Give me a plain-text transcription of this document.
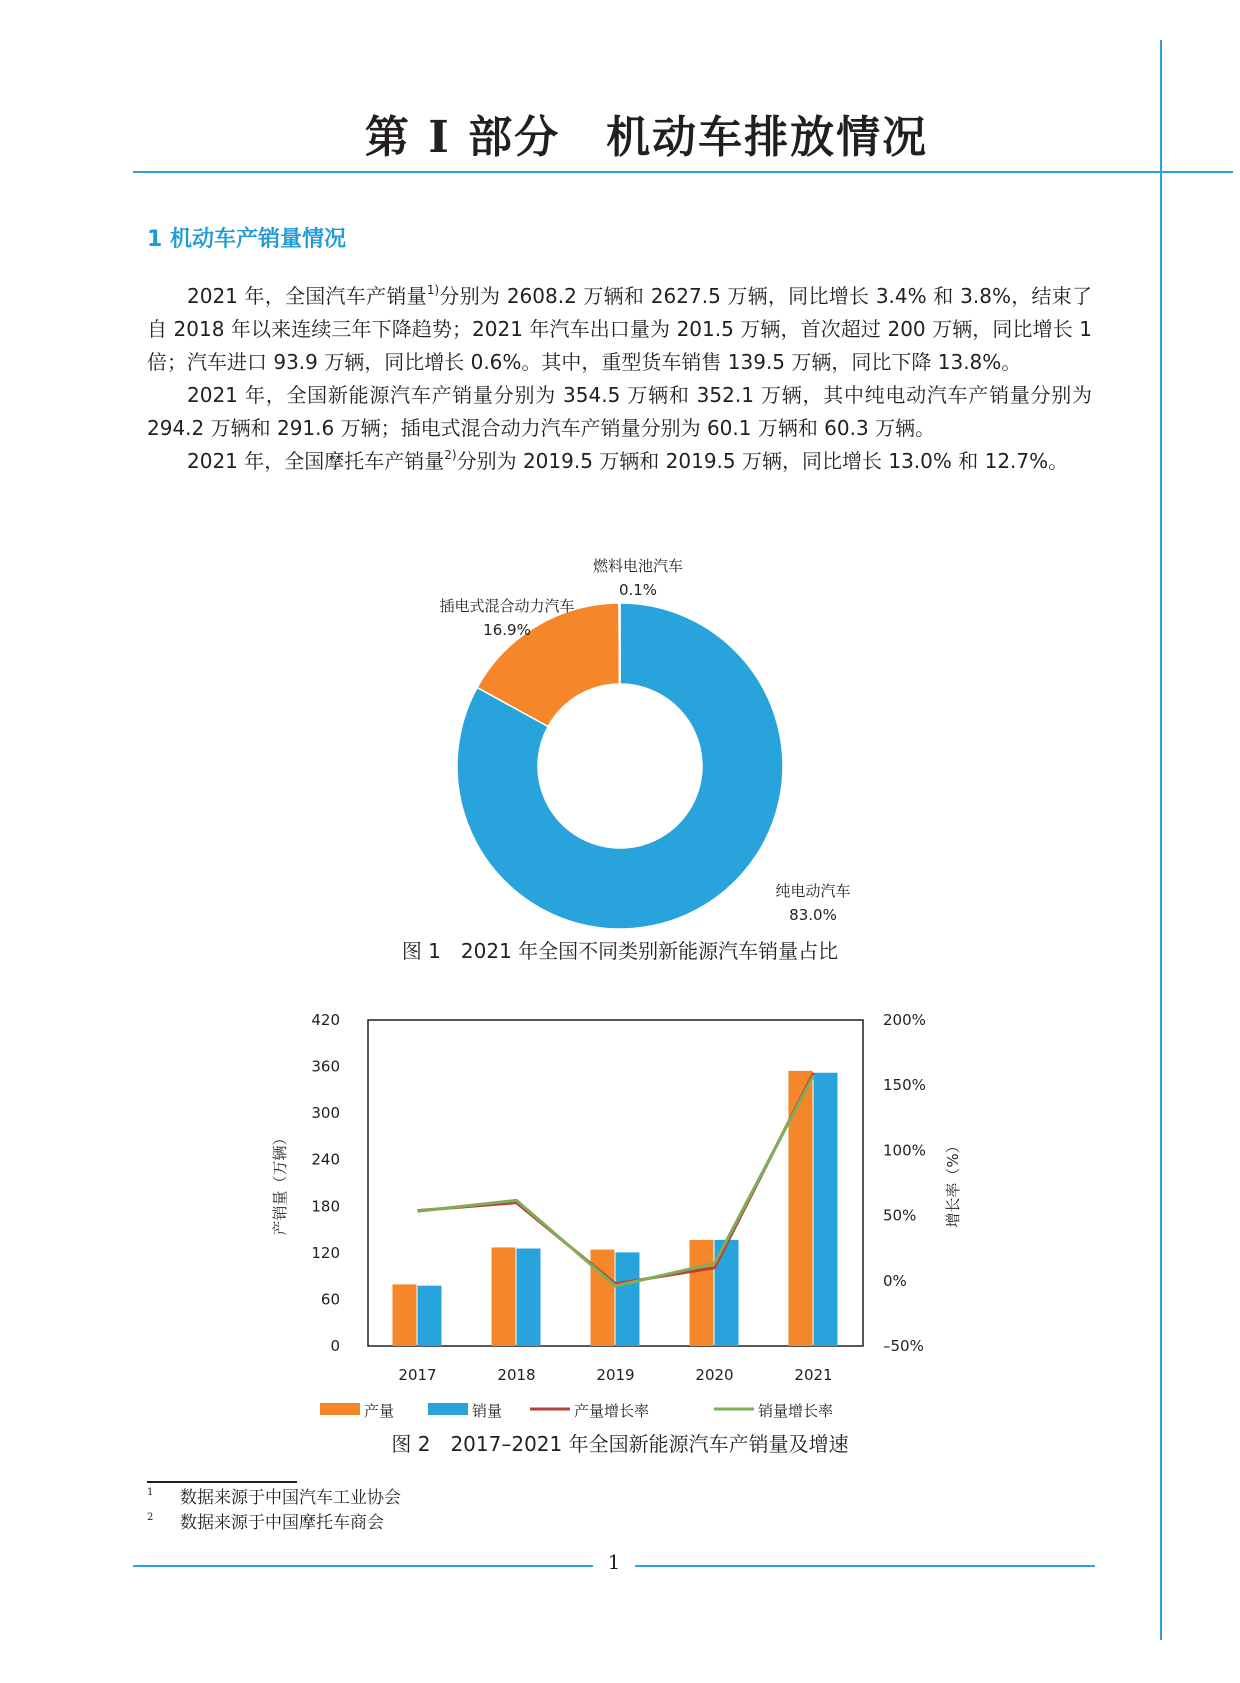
第 I 部分　机动车排放情况
1 机动车产销量情况

2021 年，全国汽车产销量$^{1)}$分别为 2608.2 万辆和 2627.5 万辆，同比增长 3.4% 和 3.8%，结束了自 2018 年以来连续三年下降趋势；2021 年汽车出口量为 201.5 万辆，首次超过 200 万辆，同比增长 1 倍；汽车进口 93.9 万辆，同比增长 0.6%。其中，重型货车销售 139.5 万辆，同比下降 13.8%。

2021 年，全国新能源汽车产销量分别为 354.5 万辆和 352.1 万辆，其中纯电动汽车产销量分别为 294.2 万辆和 291.6 万辆；插电式混合动力汽车产销量分别为 60.1 万辆和 60.3 万辆。

2021 年，全国摩托车产销量$^{2)}$分别为 2019.5 万辆和 2019.5 万辆，同比增长 13.0% 和 12.7%。

纯电动汽车
83.0%
插电式混合动力汽车
16.9%
燃料电池汽车
0.1%

图 1　2021 年全国不同类别新能源汽车销量占比

0
60
120
180
240
300
360
420
–50%
0%
50%
100%
150%
200%
产销量（万辆）	增长率（%）
2017	2018	2019	2020	2021
产量	销量	产量增长率	销量增长率

图 2　2017–2021 年全国新能源汽车产销量及增速

1	数据来源于中国汽车工业协会
2	数据来源于中国摩托车商会
1
